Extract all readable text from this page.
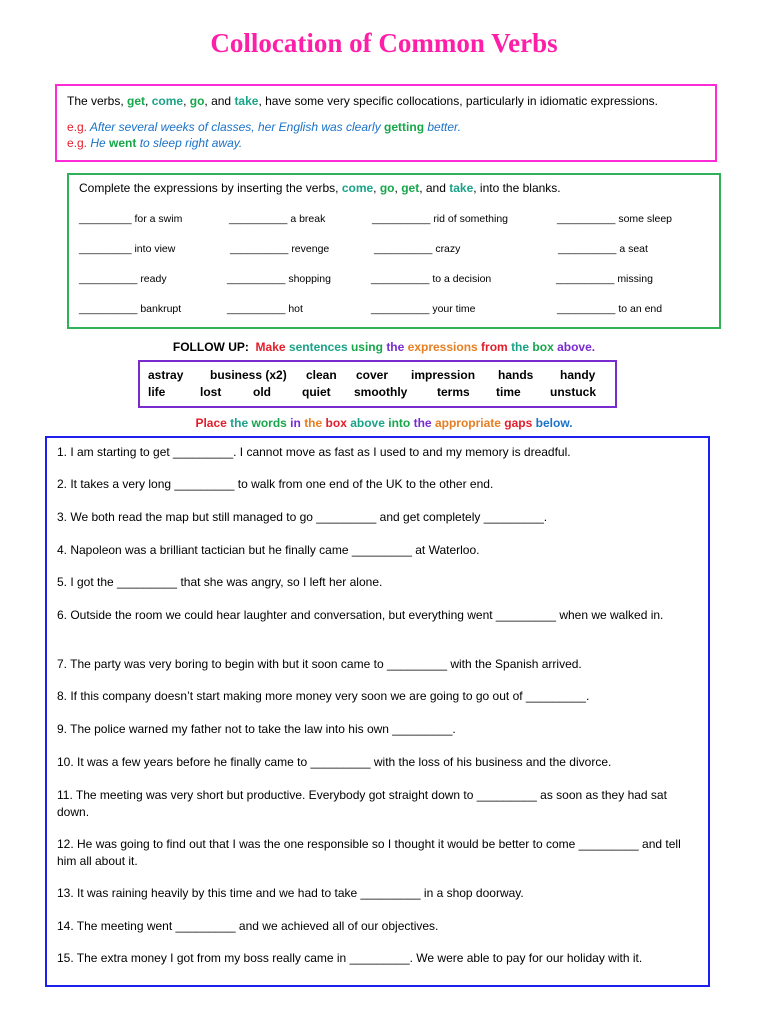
Collocation of Common Verbs

The verbs, get, come, go, and take, have some very specific collocations, particularly in idiomatic expressions.

e.g. After several weeks of classes, her English was clearly getting better.

e.g. He went to sleep right away.

Complete the expressions by inserting the verbs, come, go, get, and take, into the blanks.

_________ for a swim	__________ a break	__________ rid of something	__________ some sleep
_________ into view	__________ revenge	__________ crazy	__________ a seat
__________ ready	__________ shopping	__________ to a decision	__________ missing
__________ bankrupt	__________ hot	__________ your time	__________ to an end
FOLLOW UP: Make sentences using the expressions from the box above.
astray business (x2) clean cover impression hands handy
life	lost	old	quiet smoothly terms time unstuck
Place the words in the box above into the appropriate gaps below.

1. I am starting to get _________. I cannot move as fast as I used to and my memory is dreadful.

2. It takes a very long _________ to walk from one end of the UK to the other end.

3. We both read the map but still managed to go _________ and get completely _________.

4. Napoleon was a brilliant tactician but he finally came _________ at Waterloo.

5. I got the _________ that she was angry, so I left her alone.

6. Outside the room we could hear laughter and conversation, but everything went _________ when we walked in.

7. The party was very boring to begin with but it soon came to _________ with the Spanish arrived.

8. If this company doesn’t start making more money very soon we are going to go out of _________.

9. The police warned my father not to take the law into his own _________.

10. It was a few years before he finally came to _________ with the loss of his business and the divorce.

11. The meeting was very short but productive. Everybody got straight down to _________ as soon as they had sat down.

12. He was going to find out that I was the one responsible so I thought it would be better to come _________ and tell him all about it.

13. It was raining heavily by this time and we had to take _________ in a shop doorway.

14. The meeting went _________ and we achieved all of our objectives.

15. The extra money I got from my boss really came in _________. We were able to pay for our holiday with it.
